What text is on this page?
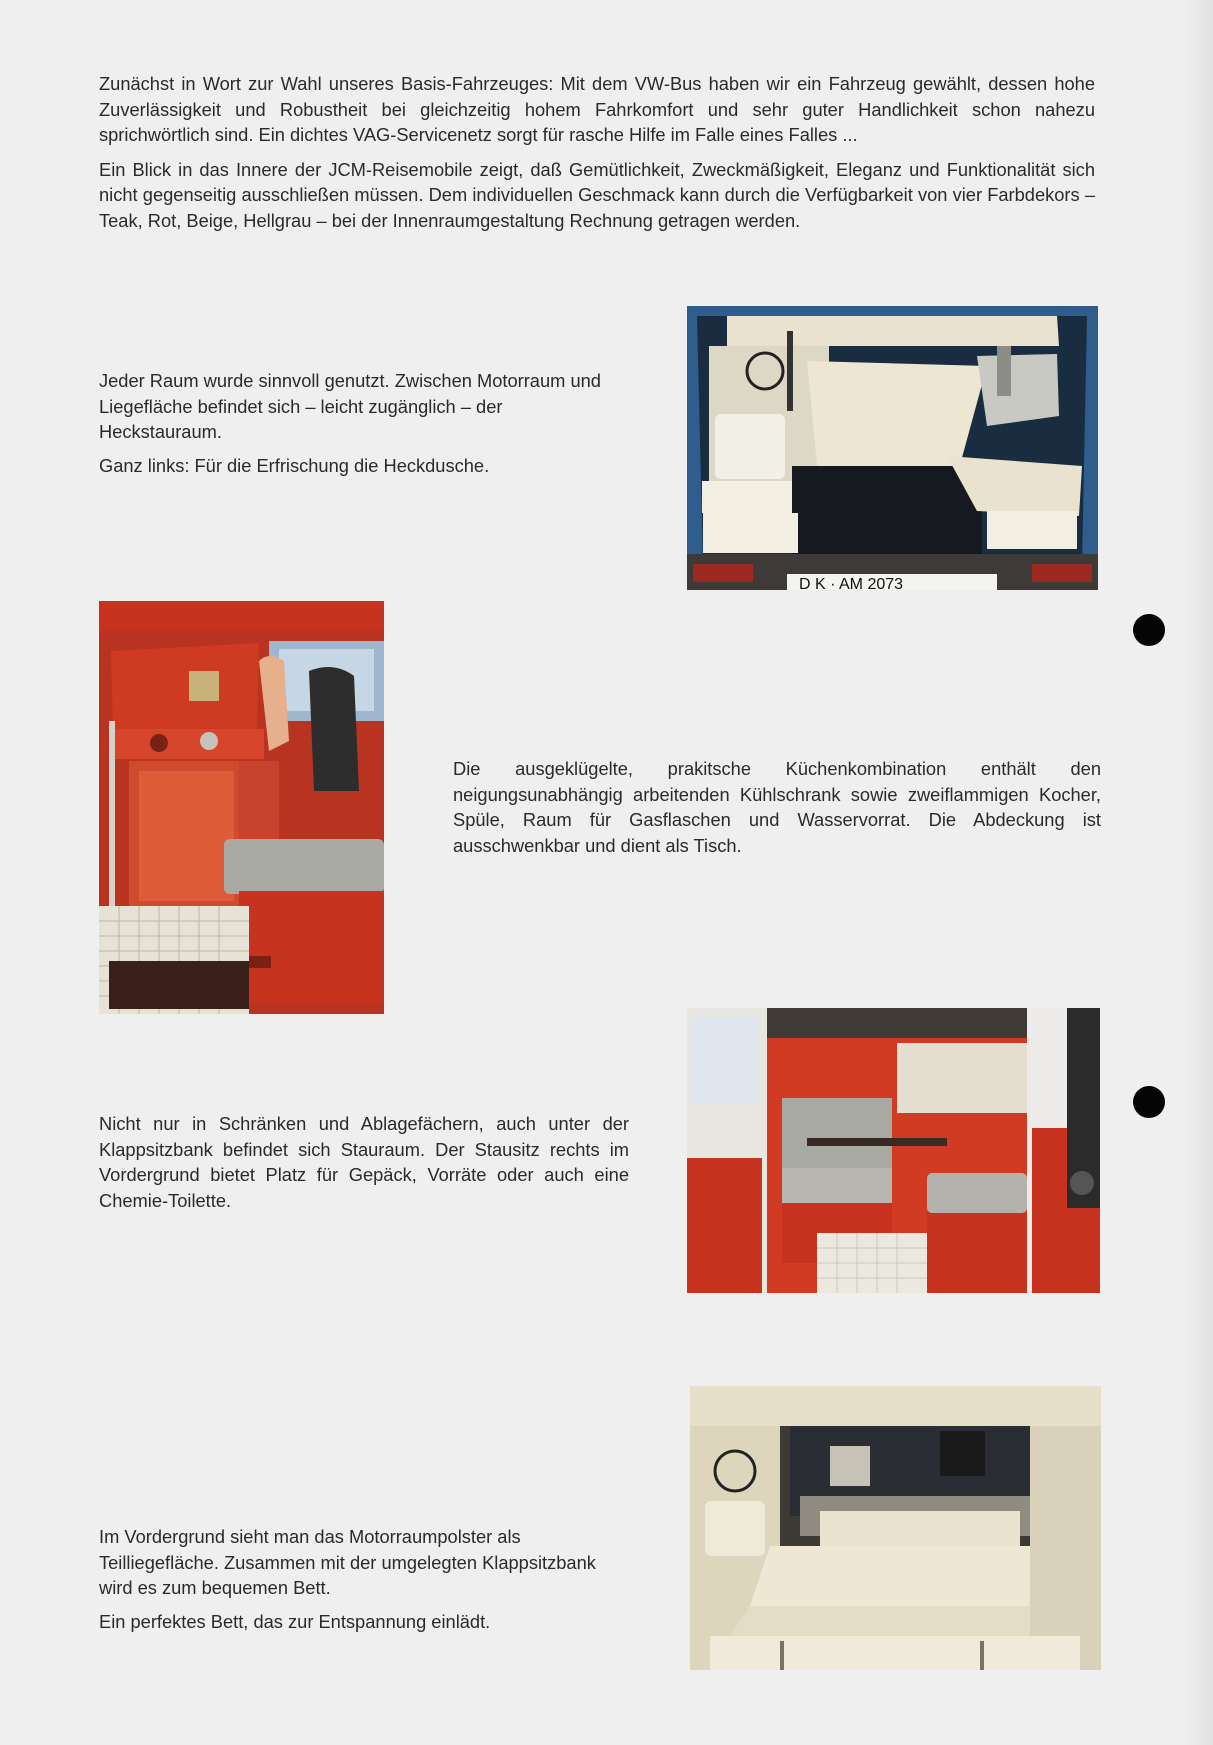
Zunächst in Wort zur Wahl unseres Basis-Fahrzeuges: Mit dem VW-Bus haben wir ein Fahrzeug gewählt, dessen hohe Zuverlässigkeit und Robustheit bei gleichzeitig hohem Fahrkomfort und sehr guter Handlichkeit schon nahezu sprichwörtlich sind. Ein dichtes VAG-Servicenetz sorgt für rasche Hilfe im Falle eines Falles ...

Ein Blick in das Innere der JCM-Reisemobile zeigt, daß Gemütlichkeit, Zweckmäßigkeit, Eleganz und Funktionalität sich nicht gegenseitig ausschließen müssen. Dem individuellen Geschmack kann durch die Verfügbarkeit von vier Farbdekors – Teak, Rot, Beige, Hellgrau – bei der Innenraumgestaltung Rechnung getragen werden.

Jeder Raum wurde sinnvoll genutzt. Zwischen Motorraum und Liegefläche befindet sich – leicht zugänglich – der Heckstauraum.

Ganz links: Für die Erfrischung die Heckdusche.

D K · AM 2073

Die ausgeklügelte, prakitsche Küchenkombination enthält den neigungsunabhängig arbeitenden Kühlschrank sowie zweiflammigen Kocher, Spüle, Raum für Gasflaschen und Wasservorrat. Die Abdeckung ist ausschwenkbar und dient als Tisch.

Nicht nur in Schränken und Ablagefächern, auch unter der Klappsitzbank befindet sich Stauraum. Der Stausitz rechts im Vordergrund bietet Platz für Gepäck, Vorräte oder auch eine Chemie-Toilette.

Im Vordergrund sieht man das Motorraumpolster als Teilliegefläche. Zusammen mit der umgelegten Klappsitzbank wird es zum bequemen Bett.

Ein perfektes Bett, das zur Entspannung einlädt.
